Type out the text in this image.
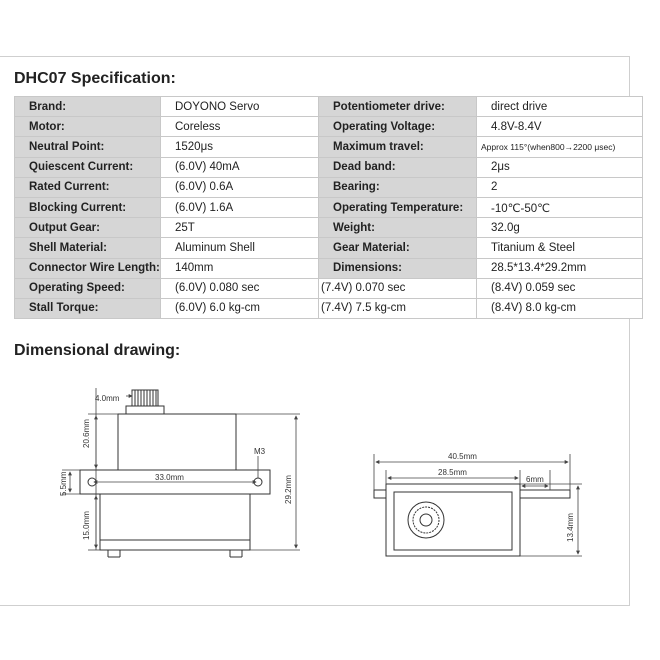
DHC07 Specification:
Brand:	DOYONO Servo	Potentiometer drive:	direct drive
Motor:	Coreless	Operating Voltage:	4.8V-8.4V
Neutral Point:	1520μs	Maximum travel:	Approx 115°(when800→2200 μsec)
Quiescent Current:	(6.0V) 40mA	Dead band:	2μs
Rated Current:	(6.0V) 0.6A	Bearing:	2
Blocking Current:	(6.0V) 1.6A	Operating Temperature:	-10℃-50℃
Output Gear:	25T	Weight:	32.0g
Shell Material:	Aluminum Shell	Gear Material:	Titanium & Steel
Connector Wire Length:	140mm	Dimensions:	28.5*13.4*29.2mm
Operating Speed:	(6.0V) 0.080 sec	(7.4V) 0.070 sec	(8.4V) 0.059 sec
Stall Torque:	(6.0V) 6.0 kg-cm	(7.4V) 7.5 kg-cm	(8.4V) 8.0 kg-cm
Dimensional drawing:
4.0mm
20.6mm
5.5mm
15.0mm
33.0mm
M3
29.2mm
40.5mm
28.5mm
6mm
13.4mm
